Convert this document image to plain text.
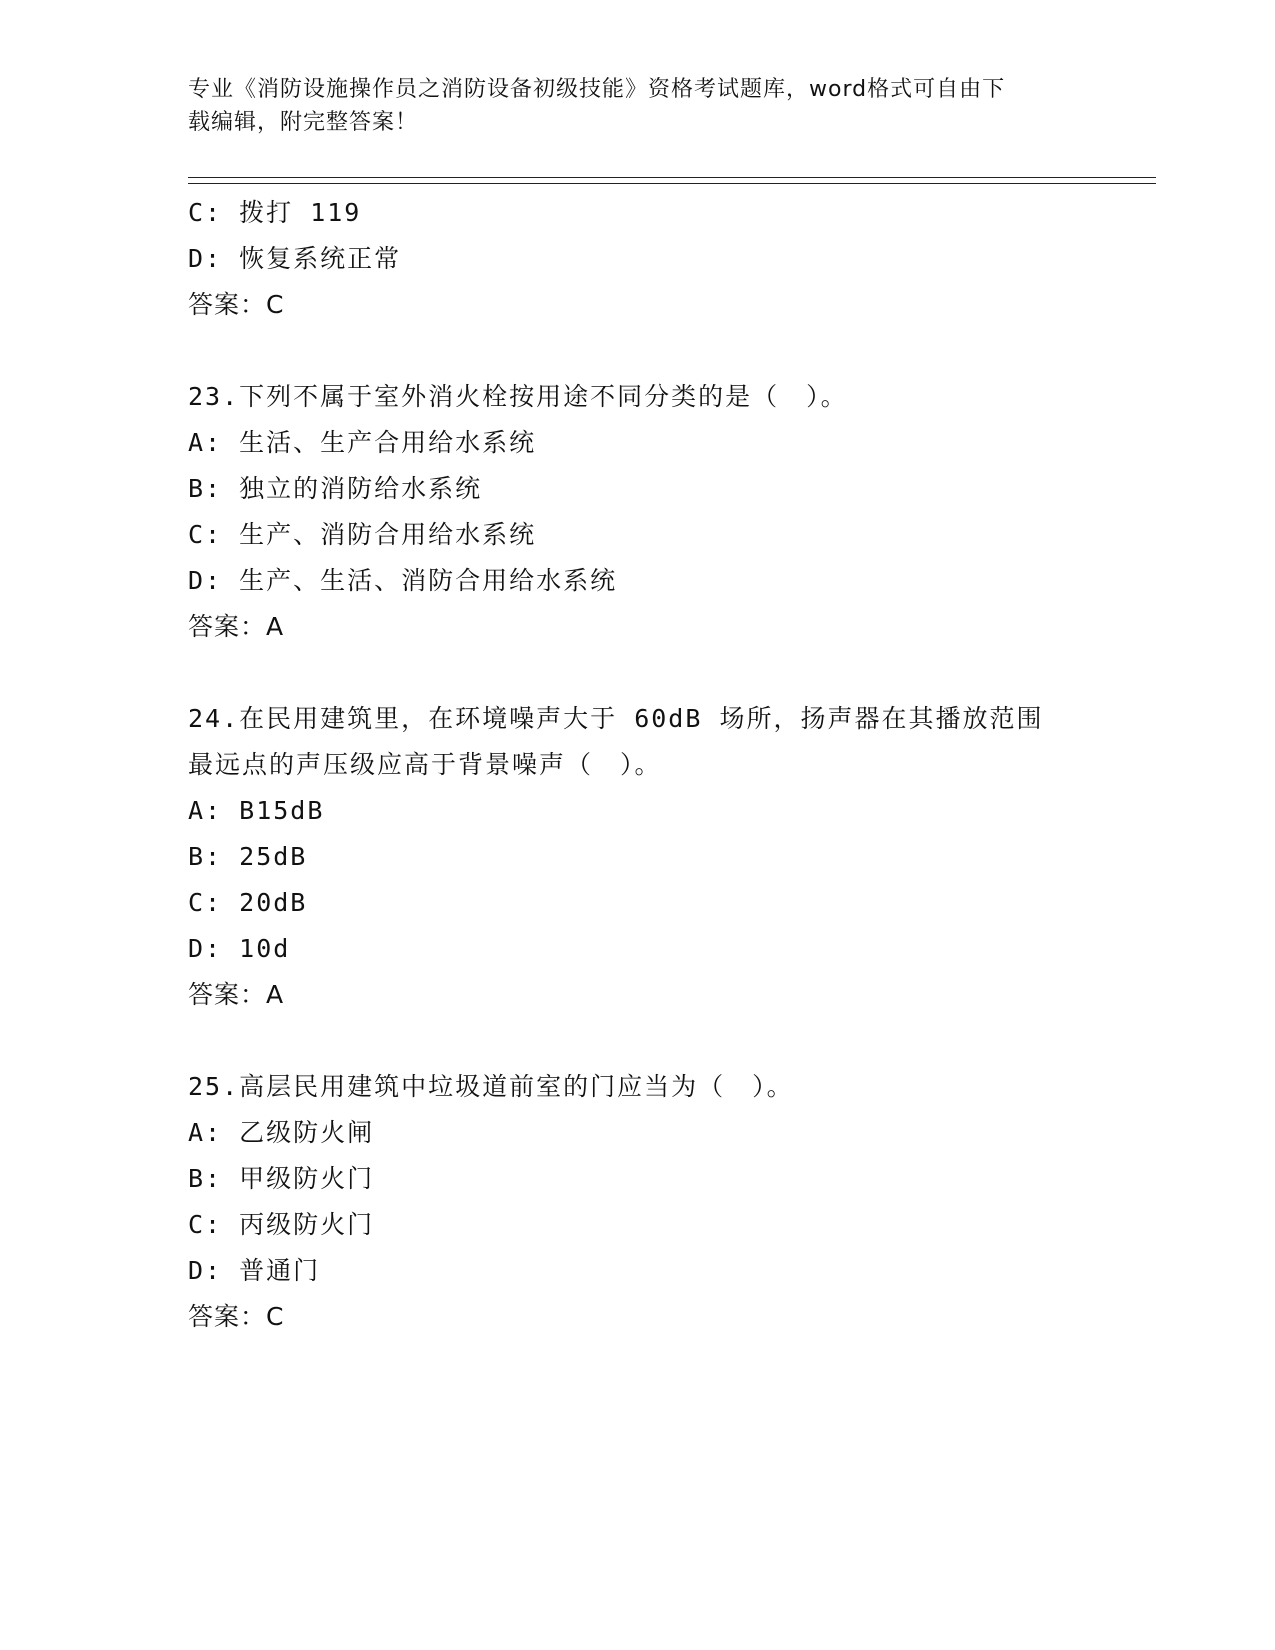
专业《消防设施操作员之消防设备初级技能》资格考试题库，word格式可自由下
载编辑，附完整答案！
C: 拨打 119
D: 恢复系统正常
答案：C
23.下列不属于室外消火栓按用途不同分类的是（　）。
A: 生活、生产合用给水系统
B: 独立的消防给水系统
C: 生产、消防合用给水系统
D: 生产、生活、消防合用给水系统
答案：A
24.在民用建筑里，在环境噪声大于 60dB 场所，扬声器在其播放范围
最远点的声压级应高于背景噪声（　）。
A: B15dB
B: 25dB
C: 20dB
D: 10d
答案：A
25.高层民用建筑中垃圾道前室的门应当为（　）。
A: 乙级防火闸
B: 甲级防火门
C: 丙级防火门
D: 普通门
答案：C
